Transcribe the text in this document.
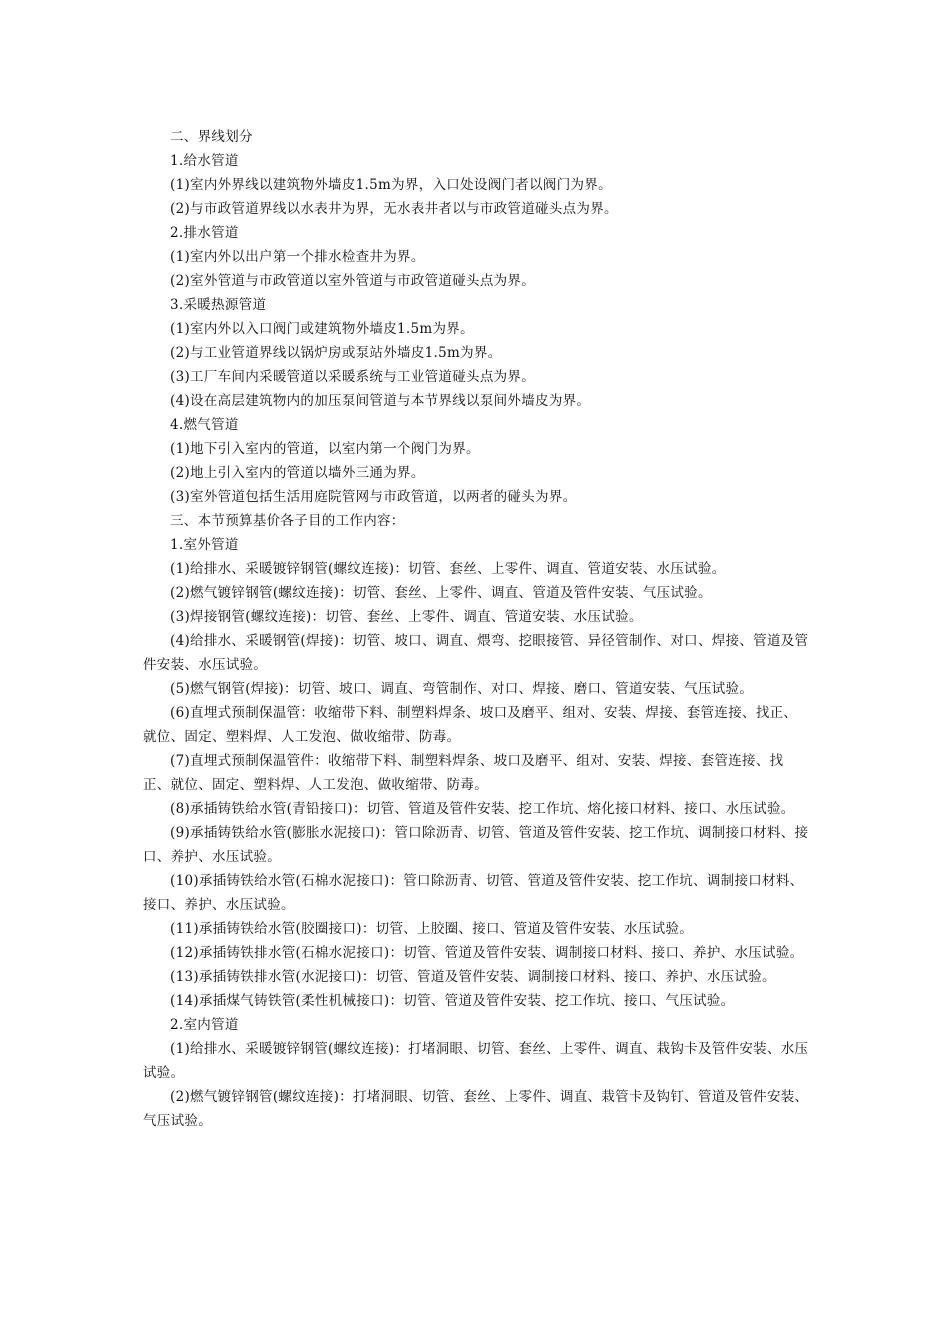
二、界线划分

1.给水管道

(1)室内外界线以建筑物外墙皮1.5m为界，入口处设阀门者以阀门为界。

(2)与市政管道界线以水表井为界，无水表井者以与市政管道碰头点为界。

2.排水管道

(1)室内外以出户第一个排水检查井为界。

(2)室外管道与市政管道以室外管道与市政管道碰头点为界。

3.采暖热源管道

(1)室内外以入口阀门或建筑物外墙皮1.5m为界。

(2)与工业管道界线以锅炉房或泵站外墙皮1.5m为界。

(3)工厂车间内采暖管道以采暖系统与工业管道碰头点为界。

(4)设在高层建筑物内的加压泵间管道与本节界线以泵间外墙皮为界。

4.燃气管道

(1)地下引入室内的管道，以室内第一个阀门为界。

(2)地上引入室内的管道以墙外三通为界。

(3)室外管道包括生活用庭院管网与市政管道，以两者的碰头为界。

三、本节预算基价各子目的工作内容：

1.室外管道

(1)给排水、采暖镀锌钢管(螺纹连接)：切管、套丝、上零件、调直、管道安装、水压试验。

(2)燃气镀锌钢管(螺纹连接)：切管、套丝、上零件、调直、管道及管件安装、气压试验。

(3)焊接钢管(螺纹连接)：切管、套丝、上零件、调直、管道安装、水压试验。

(4)给排水、采暖钢管(焊接)：切管、坡口、调直、煨弯、挖眼接管、异径管制作、对口、焊接、管道及管件安装、水压试验。

(5)燃气钢管(焊接)：切管、坡口、调直、弯管制作、对口、焊接、磨口、管道安装、气压试验。

(6)直埋式预制保温管：收缩带下料、制塑料焊条、坡口及磨平、组对、安装、焊接、套管连接、找正、就位、固定、塑料焊、人工发泡、做收缩带、防毒。

(7)直埋式预制保温管件：收缩带下料、制塑料焊条、坡口及磨平、组对、安装、焊接、套管连接、找正、就位、固定、塑料焊、人工发泡、做收缩带、防毒。

(8)承插铸铁给水管(青铅接口)：切管、管道及管件安装、挖工作坑、熔化接口材料、接口、水压试验。

(9)承插铸铁给水管(膨胀水泥接口)：管口除沥青、切管、管道及管件安装、挖工作坑、调制接口材料、接口、养护、水压试验。

(10)承插铸铁给水管(石棉水泥接口)：管口除沥青、切管、管道及管件安装、挖工作坑、调制接口材料、接口、养护、水压试验。

(11)承插铸铁给水管(胶圈接口)：切管、上胶圈、接口、管道及管件安装、水压试验。

(12)承插铸铁排水管(石棉水泥接口)：切管、管道及管件安装、调制接口材料、接口、养护、水压试验。

(13)承插铸铁排水管(水泥接口)：切管、管道及管件安装、调制接口材料、接口、养护、水压试验。

(14)承插煤气铸铁管(柔性机械接口)：切管、管道及管件安装、挖工作坑、接口、气压试验。

2.室内管道

(1)给排水、采暖镀锌钢管(螺纹连接)：打堵洞眼、切管、套丝、上零件、调直、栽钩卡及管件安装、水压试验。

(2)燃气镀锌钢管(螺纹连接)：打堵洞眼、切管、套丝、上零件、调直、栽管卡及钩钉、管道及管件安装、气压试验。
